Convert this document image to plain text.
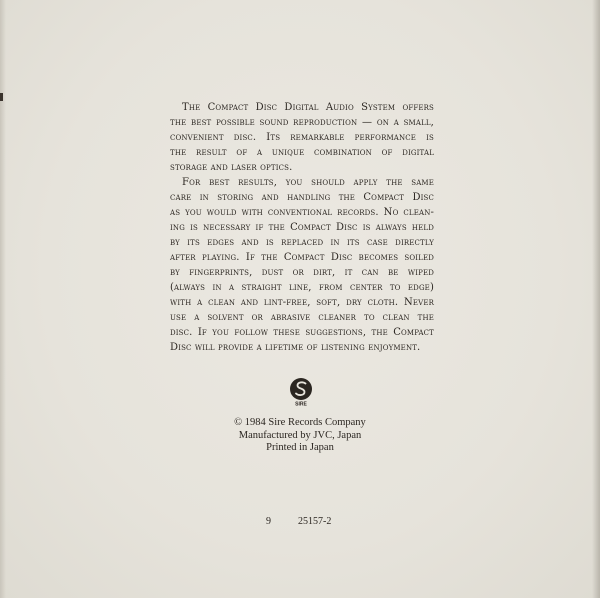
The Compact Disc Digital Audio System offers
the best possible sound reproduction — on a small,
convenient disc. Its remarkable performance is
the result of a unique combination of digital
storage and laser optics.
For best results, you should apply the same
care in storing and handling the Compact Disc
as you would with conventional records. No clean-
ing is necessary if the Compact Disc is always held
by its edges and is replaced in its case directly
after playing. If the Compact Disc becomes soiled
by fingerprints, dust or dirt, it can be wiped
(always in a straight line, from center to edge)
with a clean and lint-free, soft, dry cloth. Never
use a solvent or abrasive cleaner to clean the
disc. If you follow these suggestions, the Compact
Disc will provide a lifetime of listening enjoyment.
SIRE
© 1984 Sire Records Company
Manufactured by JVC, Japan
Printed in Japan
9	25157-2
